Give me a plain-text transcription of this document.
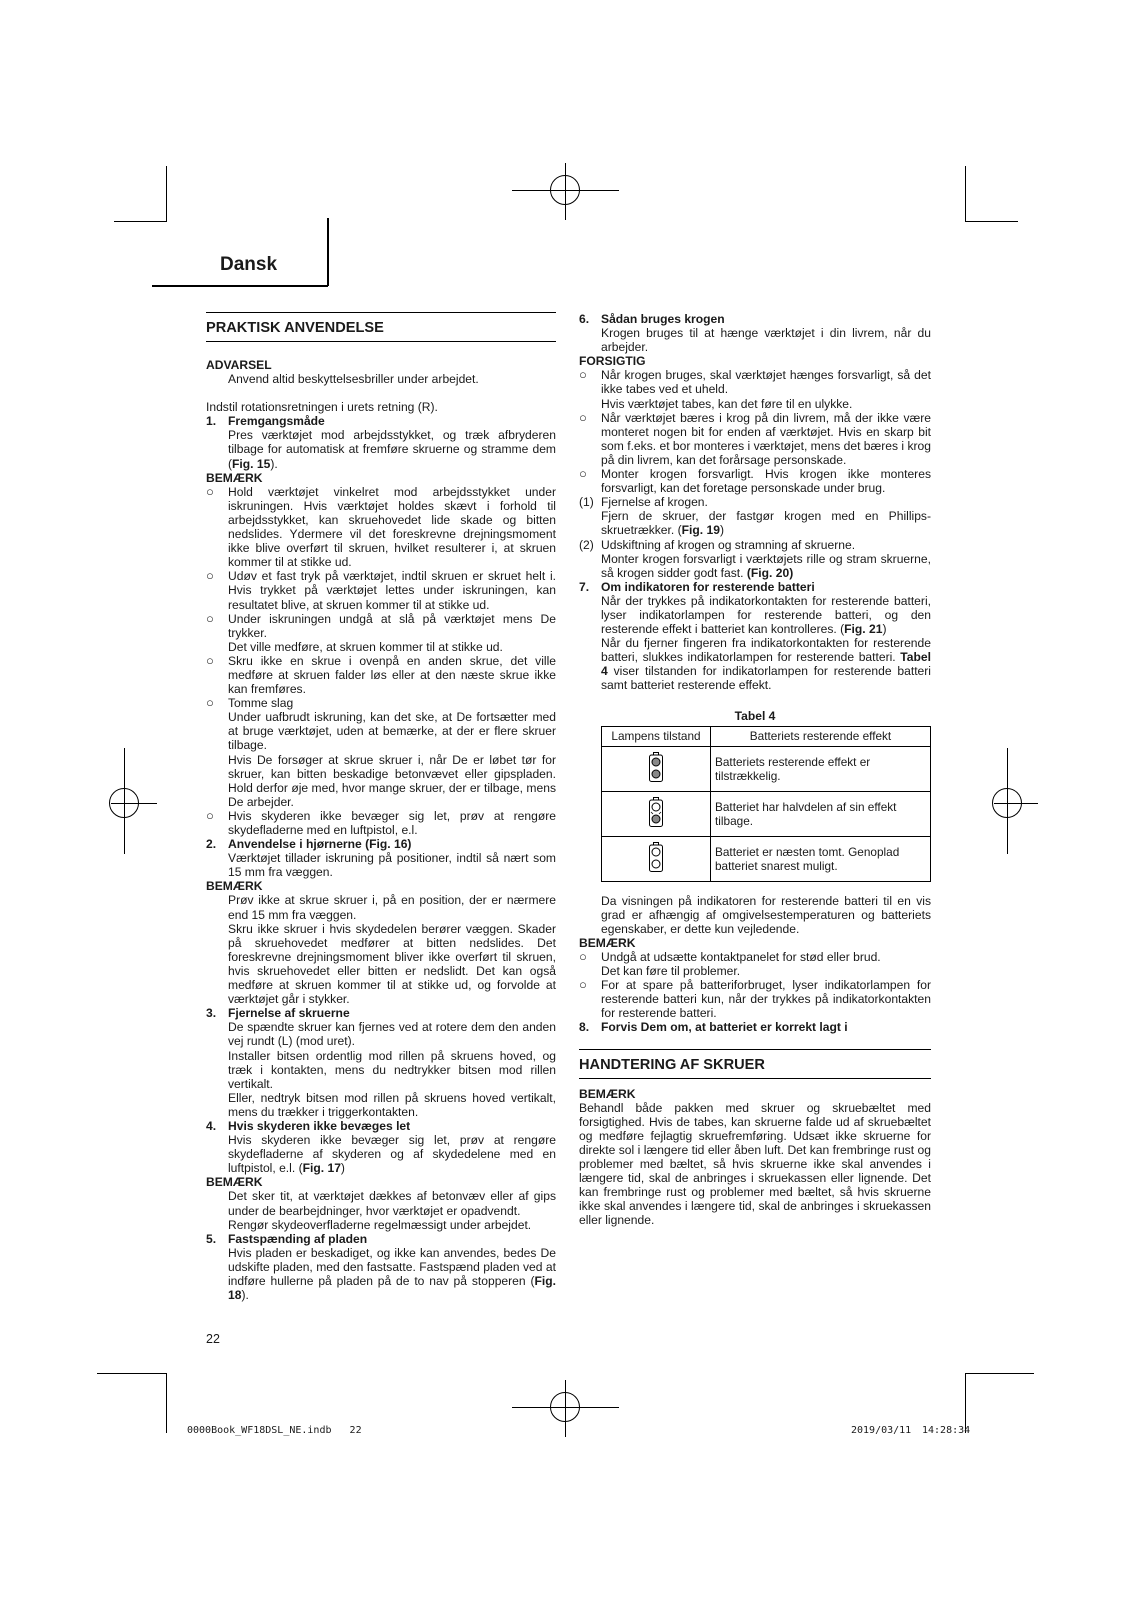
Dansk
PRAKTISK ANVENDELSE
ADVARSEL
Anvend altid beskyttelsesbriller under arbejdet.
Indstil rotationsretningen i urets retning (R).
1. Fremgangsmåde
Pres værktøjet mod arbejdsstykket, og træk afbryderen tilbage for automatisk at fremføre skruerne og stramme dem (Fig. 15).
BEMÆRK
○	Hold værktøjet vinkelret mod arbejdsstykket under iskruningen. Hvis værktøjet holdes skævt i forhold til arbejdsstykket, kan skruehovedet lide skade og bitten nedslides. Ydermere vil det foreskrevne drejningsmoment ikke blive overført til skruen, hvilket resulterer i, at skruen kommer til at stikke ud.
○	Udøv et fast tryk på værktøjet, indtil skruen er skruet helt i. Hvis trykket på værktøjet lettes under iskruningen, kan resultatet blive, at skruen kommer til at stikke ud.
○	Under iskruningen undgå at slå på værktøjet mens De trykker.
Det ville medføre, at skruen kommer til at stikke ud.
○	Skru ikke en skrue i ovenpå en anden skrue, det ville medføre at skruen falder løs eller at den næste skrue ikke kan fremføres.
○	Tomme slag
Under uafbrudt iskruning, kan det ske, at De fortsætter med at bruge værktøjet, uden at bemærke, at der er flere skruer tilbage.
Hvis De forsøger at skrue skruer i, når De er løbet tør for skruer, kan bitten beskadige betonvævet eller gipspladen. Hold derfor øje med, hvor mange skruer, der er tilbage, mens De arbejder.
○	Hvis skyderen ikke bevæger sig let, prøv at rengøre skydefladerne med en luftpistol, e.l.
2. Anvendelse i hjørnerne (Fig. 16)
Værktøjet tillader iskruning på positioner, indtil så nært som 15 mm fra væggen.
BEMÆRK
Prøv ikke at skrue skruer i, på en position, der er nærmere end 15 mm fra væggen.
Skru ikke skruer i hvis skydedelen berører væggen. Skader på skruehovedet medfører at bitten nedslides. Det foreskrevne drejningsmoment bliver ikke overført til skruen, hvis skruehovedet eller bitten er nedslidt. Det kan også medføre at skruen kommer til at stikke ud, og forvolde at værktøjet går i stykker.
3. Fjernelse af skruerne
De spændte skruer kan fjernes ved at rotere dem den anden vej rundt (L) (mod uret).
Installer bitsen ordentlig mod rillen på skruens hoved, og træk i kontakten, mens du nedtrykker bitsen mod rillen vertikalt.
Eller, nedtryk bitsen mod rillen på skruens hoved vertikalt, mens du trækker i triggerkontakten.
4. Hvis skyderen ikke bevæges let
Hvis skyderen ikke bevæger sig let, prøv at rengøre skydefladerne af skyderen og af skydedelene med en luftpistol, e.l. (Fig. 17)
BEMÆRK
Det sker tit, at værktøjet dækkes af betonvæv eller af gips under de bearbejdninger, hvor værktøjet er opadvendt.
Rengør skydeoverfladerne regelmæssigt under arbejdet.
5. Fastspænding af pladen
Hvis pladen er beskadiget, og ikke kan anvendes, bedes De udskifte pladen, med den fastsatte. Fastspænd pladen ved at indføre hullerne på pladen på de to nav på stopperen (Fig. 18).
6. Sådan bruges krogen
Krogen bruges til at hænge værktøjet i din livrem, når du arbejder.
FORSIGTIG
○	Når krogen bruges, skal værktøjet hænges forsvarligt, så det ikke tabes ved et uheld.
Hvis værktøjet tabes, kan det føre til en ulykke.
○	Når værktøjet bæres i krog på din livrem, må der ikke være monteret nogen bit for enden af værktøjet. Hvis en skarp bit som f.eks. et bor monteres i værktøjet, mens det bæres i krog på din livrem, kan det forårsage personskade.
○	Monter krogen forsvarligt. Hvis krogen ikke monteres forsvarligt, kan det foretage personskade under brug.
(1) Fjernelse af krogen.
Fjern de skruer, der fastgør krogen med en Phillips-skruetrækker. (Fig. 19)
(2) Udskiftning af krogen og stramning af skruerne.
Monter krogen forsvarligt i værktøjets rille og stram skruerne, så krogen sidder godt fast. (Fig. 20)
7. Om indikatoren for resterende batteri
Når der trykkes på indikatorkontakten for resterende batteri, lyser indikatorlampen for resterende batteri, og den resterende effekt i batteriet kan kontrolleres. (Fig. 21)
Når du fjerner fingeren fra indikatorkontakten for resterende batteri, slukkes indikatorlampen for resterende batteri. Tabel 4 viser tilstanden for indikatorlampen for resterende batteri samt batteriet resterende effekt.
Tabel 4
Lampens tilstand	Batteriets resterende effekt
	Batteriets resterende effekt er tilstrækkelig.
	Batteriet har halvdelen af sin effekt tilbage.
	Batteriet er næsten tomt. Genoplad batteriet snarest muligt.
Da visningen på indikatoren for resterende batteri til en vis grad er afhængig af omgivelsestemperaturen og batteriets egenskaber, er dette kun vejledende.
BEMÆRK
○	Undgå at udsætte kontaktpanelet for stød eller brud.
Det kan føre til problemer.
○	For at spare på batteriforbruget, lyser indikatorlampen for resterende batteri kun, når der trykkes på indikatorkontakten for resterende batteri.
8. Forvis Dem om, at batteriet er korrekt lagt i
HANDTERING AF SKRUER
BEMÆRK
Behandl både pakken med skruer og skruebæltet med forsigtighed. Hvis de tabes, kan skruerne falde ud af skruebæltet og medføre fejlagtig skruefremføring. Udsæt ikke skruerne for direkte sol i længere tid eller åben luft. Det kan frembringe rust og problemer med bæltet, så hvis skruerne ikke skal anvendes i længere tid, skal de anbringes i skruekassen eller lignende. Det kan frembringe rust og problemer med bæltet, så hvis skruerne ikke skal anvendes i længere tid, skal de anbringes i skruekassen eller lignende.
22
0000Book_WF18DSL_NE.indb   22	2019/03/11 14:28:34
